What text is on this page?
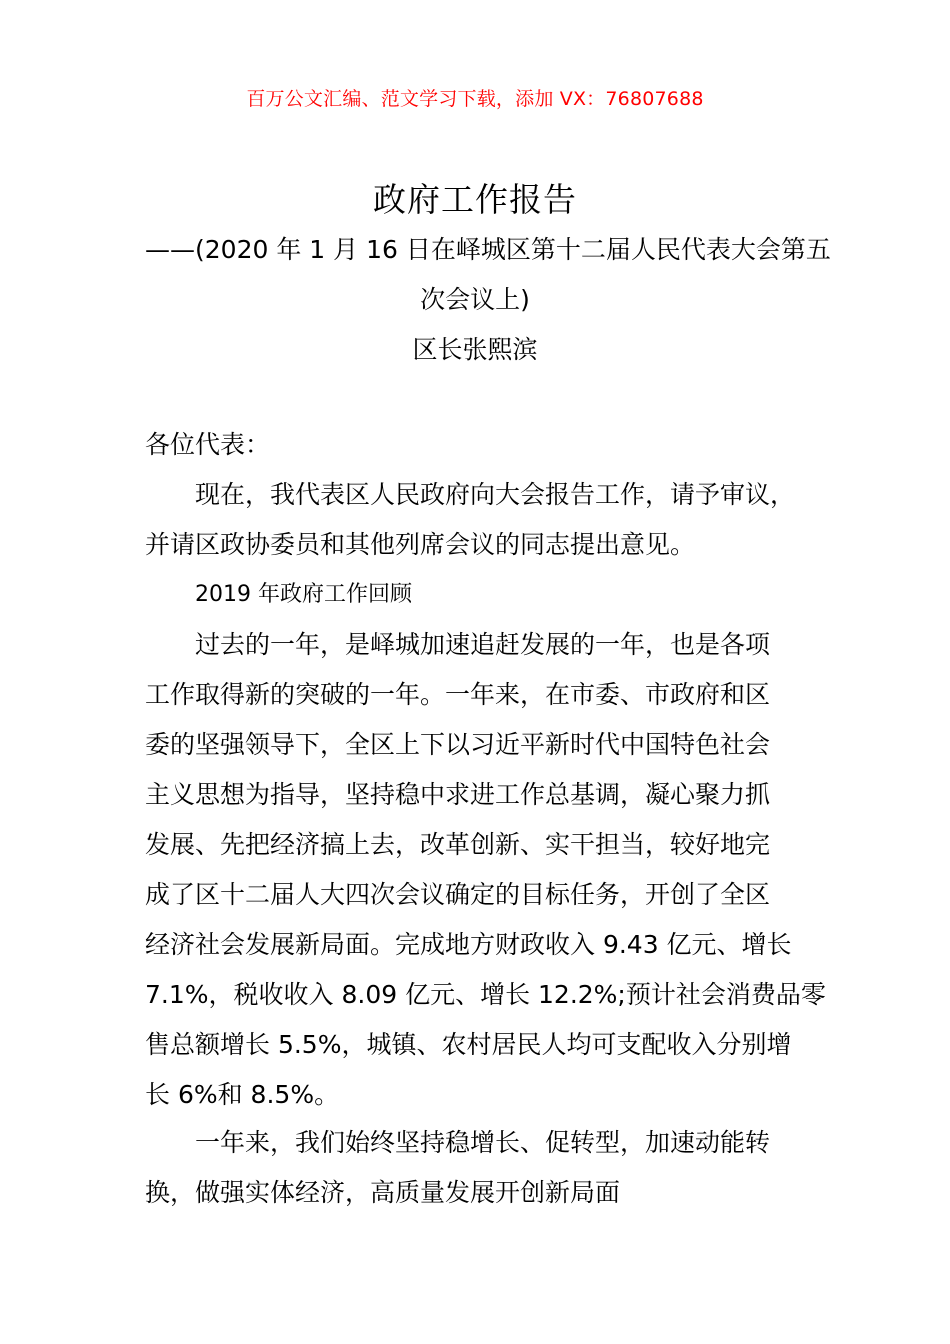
百万公文汇编、范文学习下载，添加 VX：76807688
政府工作报告
——(2020 年 1 月 16 日在峄城区第十二届人民代表大会第五
次会议上)
区长张熙滨
各位代表：
现在，我代表区人民政府向大会报告工作，请予审议，
并请区政协委员和其他列席会议的同志提出意见。
2019 年政府工作回顾
过去的一年，是峄城加速追赶发展的一年，也是各项
工作取得新的突破的一年。一年来，在市委、市政府和区
委的坚强领导下，全区上下以习近平新时代中国特色社会
主义思想为指导，坚持稳中求进工作总基调，凝心聚力抓
发展、先把经济搞上去，改革创新、实干担当，较好地完
成了区十二届人大四次会议确定的目标任务，开创了全区
经济社会发展新局面。完成地方财政收入 9.43 亿元、增长
7.1%，税收收入 8.09 亿元、增长 12.2%;预计社会消费品零
售总额增长 5.5%，城镇、农村居民人均可支配收入分别增
长 6%和 8.5%。
一年来，我们始终坚持稳增长、促转型，加速动能转
换，做强实体经济，高质量发展开创新局面
